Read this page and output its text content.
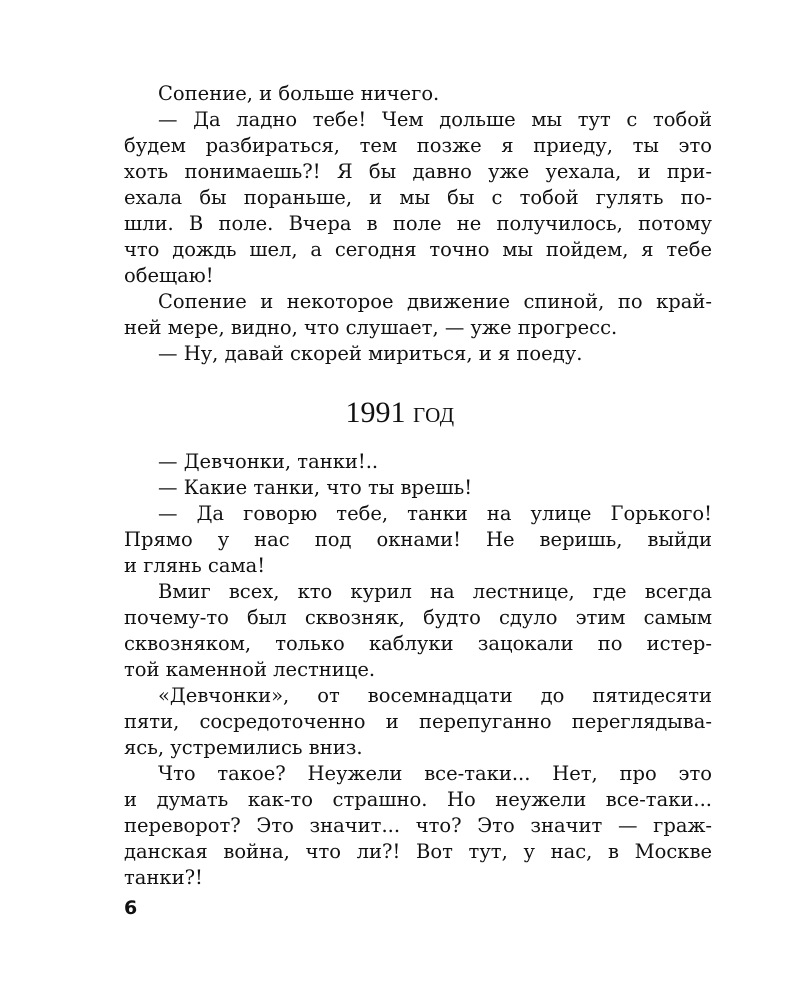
Сопение, и больше ничего.

— Да ладно тебе! Чем дольше мы тут с тобой
будем разбираться, тем позже я приеду, ты это
хоть понимаешь?! Я бы давно уже уехала, и при-
ехала бы пораньше, и мы бы с тобой гулять по-
шли. В поле. Вчера в поле не получилось, потому
что дождь шел, а сегодня точно мы пойдем, я тебе
обещаю!

Сопение и некоторое движение спиной, по край-
ней мере, видно, что слушает, — уже прогресс.

— Ну, давай скорей мириться, и я поеду.

1991 год

— Девчонки, танки!..

— Какие танки, что ты врешь!

— Да говорю тебе, танки на улице Горького!
Прямо у нас под окнами! Не веришь, выйди
и глянь сама!

Вмиг всех, кто курил на лестнице, где всегда
почему-то был сквозняк, будто сдуло этим самым
сквозняком, только каблуки зацокали по истер-
той каменной лестнице.

«Девчонки», от восемнадцати до пятидесяти
пяти, сосредоточенно и перепуганно переглядыва-
ясь, устремились вниз.

Что такое? Неужели все-таки... Нет, про это
и думать как-то страшно. Но неужели все-таки...
переворот? Это значит... что? Это значит — граж-
данская война, что ли?! Вот тут, у нас, в Москве
танки?!

6
